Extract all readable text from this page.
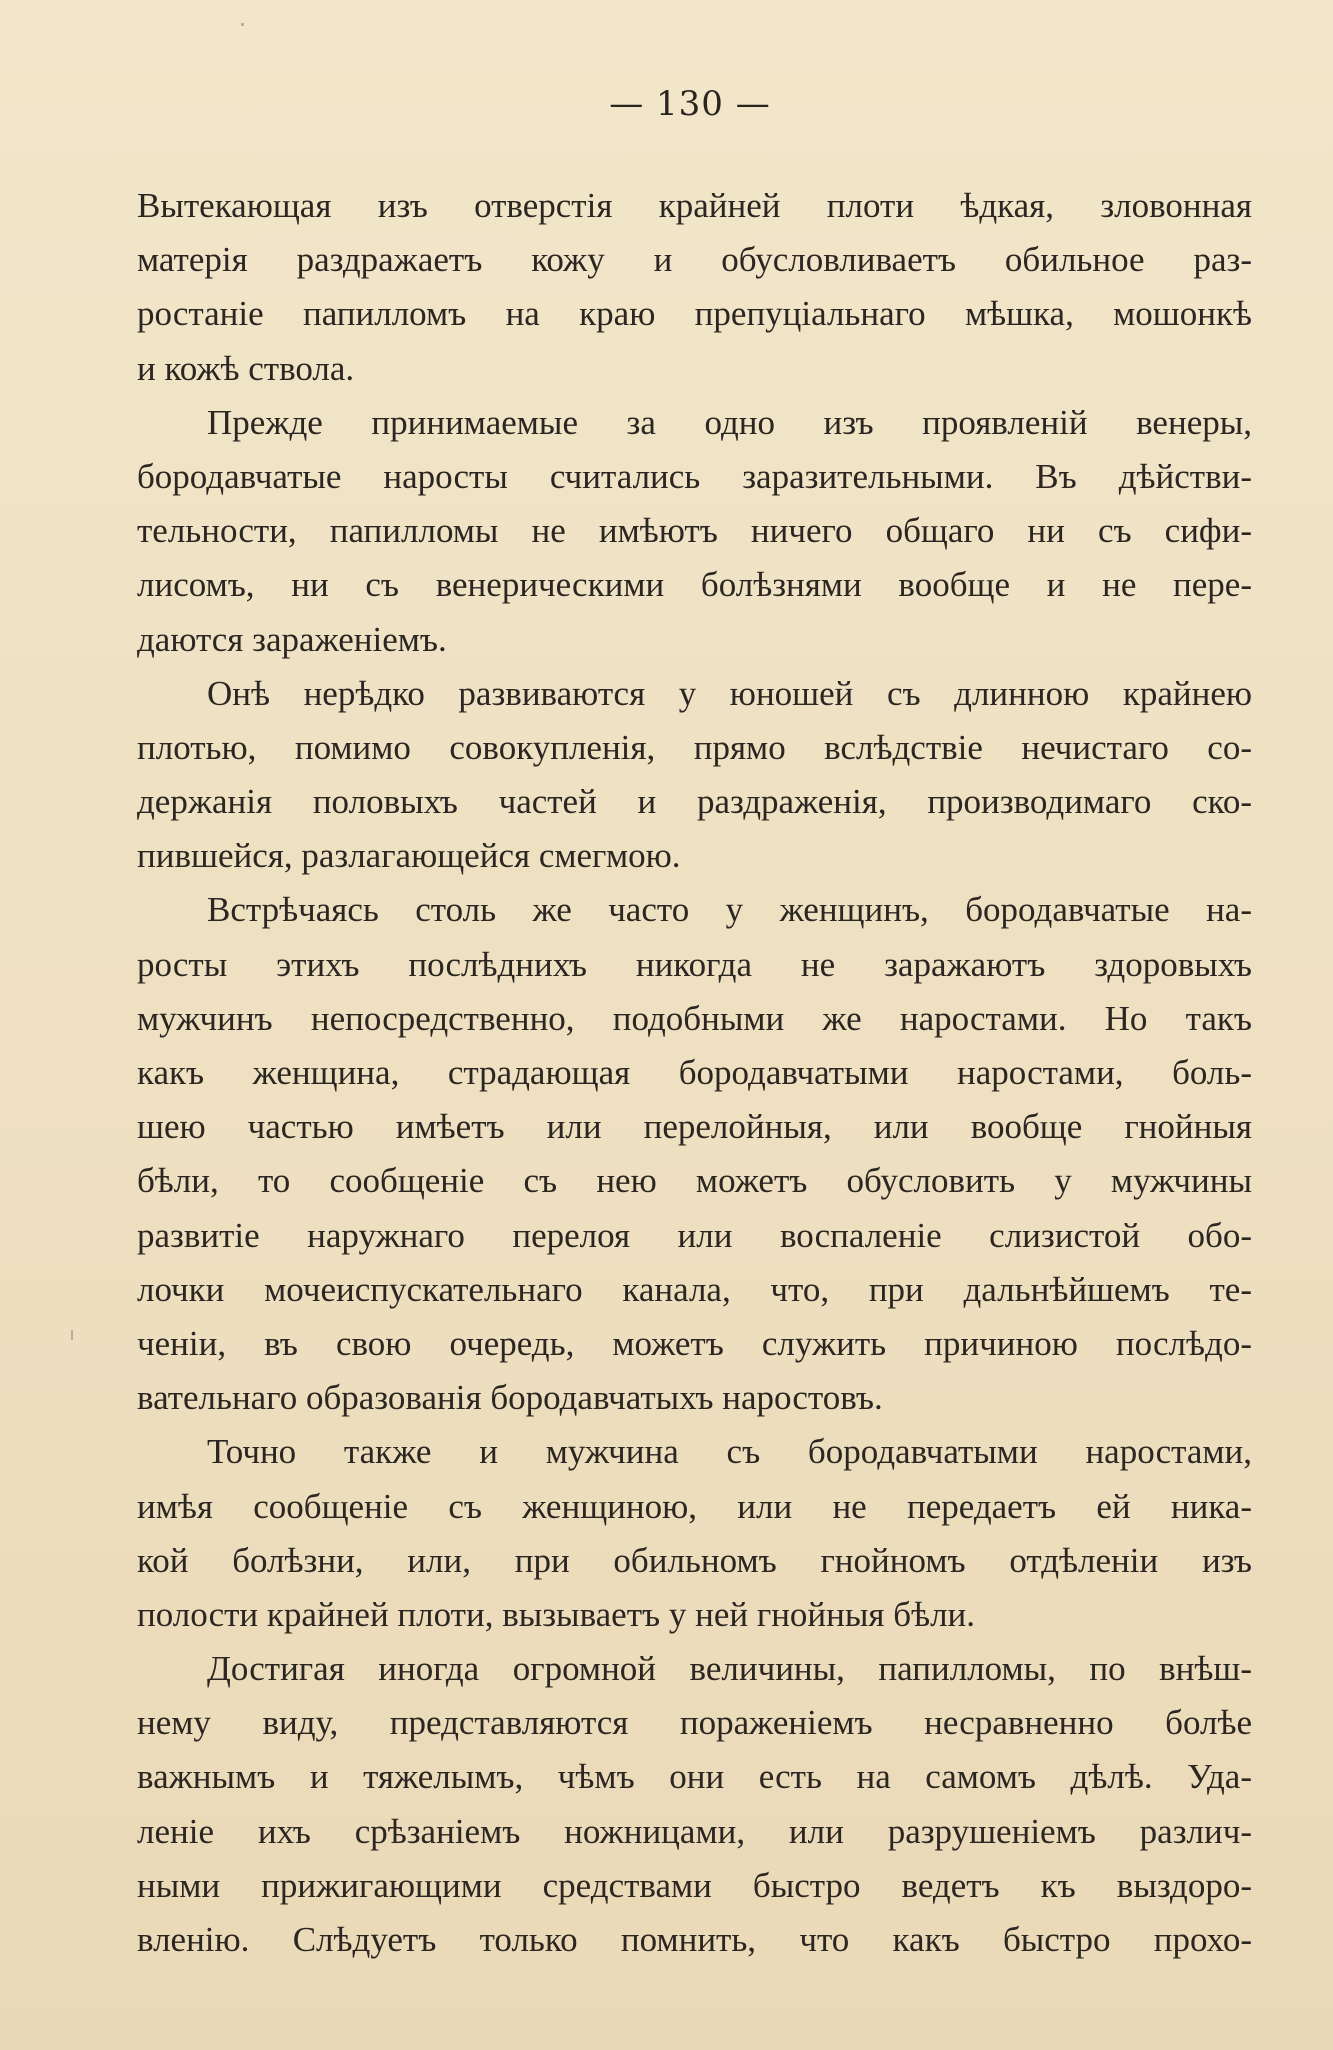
— 130 —
Вытекающая изъ отверстія крайней плоти ѣдкая, зловонная
матерія раздражаетъ кожу и обусловливаетъ обильное раз-
ростаніе папилломъ на краю препуціальнаго мѣшка, мошонкѣ
и кожѣ ствола.
Прежде принимаемые за одно изъ проявленій венеры,
бородавчатые наросты считались заразительными. Въ дѣйстви-
тельности, папилломы не имѣютъ ничего общаго ни съ сифи-
лисомъ, ни съ венерическими болѣзнями вообще и не пере-
даются зараженіемъ.
Онѣ нерѣдко развиваются у юношей съ длинною крайнею
плотью, помимо совокупленія, прямо вслѣдствіе нечистаго со-
держанія половыхъ частей и раздраженія, производимаго ско-
пившейся, разлагающейся смегмою.
Встрѣчаясь столь же часто у женщинъ, бородавчатые на-
росты этихъ послѣднихъ никогда не заражаютъ здоровыхъ
мужчинъ непосредственно, подобными же наростами. Но такъ
какъ женщина, страдающая бородавчатыми наростами, боль-
шею частью имѣетъ или перелойныя, или вообще гнойныя
бѣли, то сообщеніе съ нею можетъ обусловить у мужчины
развитіе наружнаго перелоя или воспаленіе слизистой обо-
лочки мочеиспускательнаго канала, что, при дальнѣйшемъ те-
ченіи, въ свою очередь, можетъ служить причиною послѣдо-
вательнаго образованія бородавчатыхъ наростовъ.
Точно также и мужчина съ бородавчатыми наростами,
имѣя сообщеніе съ женщиною, или не передаетъ ей ника-
кой болѣзни, или, при обильномъ гнойномъ отдѣленіи изъ
полости крайней плоти, вызываетъ у ней гнойныя бѣли.
Достигая иногда огромной величины, папилломы, по внѣш-
нему виду, представляются пораженіемъ несравненно болѣе
важнымъ и тяжелымъ, чѣмъ они есть на самомъ дѣлѣ. Уда-
леніе ихъ срѣзаніемъ ножницами, или разрушеніемъ различ-
ными прижигающими средствами быстро ведетъ къ выздоро-
вленію. Слѣдуетъ только помнить, что какъ быстро прохо-
